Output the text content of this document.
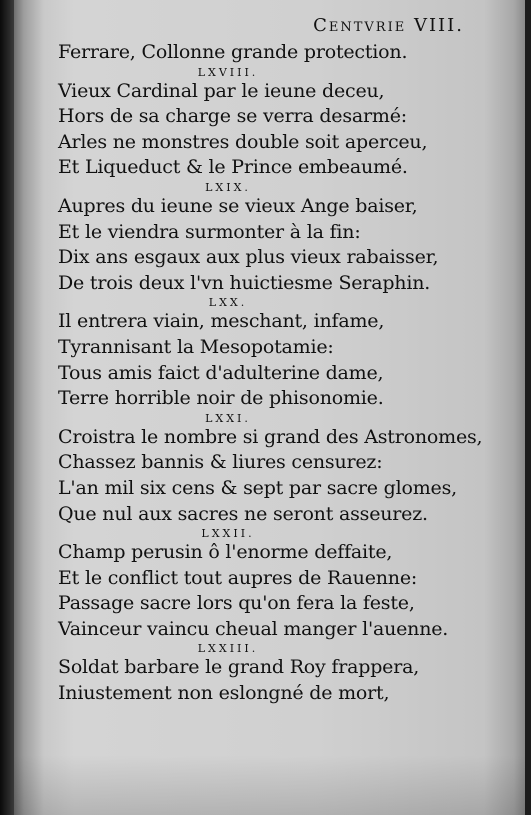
Centvrie VIII.
Ferrare, Collonne grande protection.
LXVIII.
Vieux Cardinal par le ieune deceu,
Hors de sa charge se verra desarmé:
Arles ne monstres double soit aperceu,
Et Liqueduct & le Prince embeaumé.
LXIX.
Aupres du ieune se vieux Ange baiser,
Et le viendra surmonter à la fin:
Dix ans esgaux aux plus vieux rabaisser,
De trois deux l'vn huictiesme Seraphin.
LXX.
Il entrera viain, meschant, infame,
Tyrannisant la Mesopotamie:
Tous amis faict d'adulterine dame,
Terre horrible noir de phisonomie.
LXXI.
Croistra le nombre si grand des Astronomes,
Chassez bannis & liures censurez:
L'an mil six cens & sept par sacre glomes,
Que nul aux sacres ne seront asseurez.
LXXII.
Champ perusin ô l'enorme deffaite,
Et le conflict tout aupres de Rauenne:
Passage sacre lors qu'on fera la feste,
Vainceur vaincu cheual manger l'auenne.
LXXIII.
Soldat barbare le grand Roy frappera,
Iniustement non eslongné de mort,
